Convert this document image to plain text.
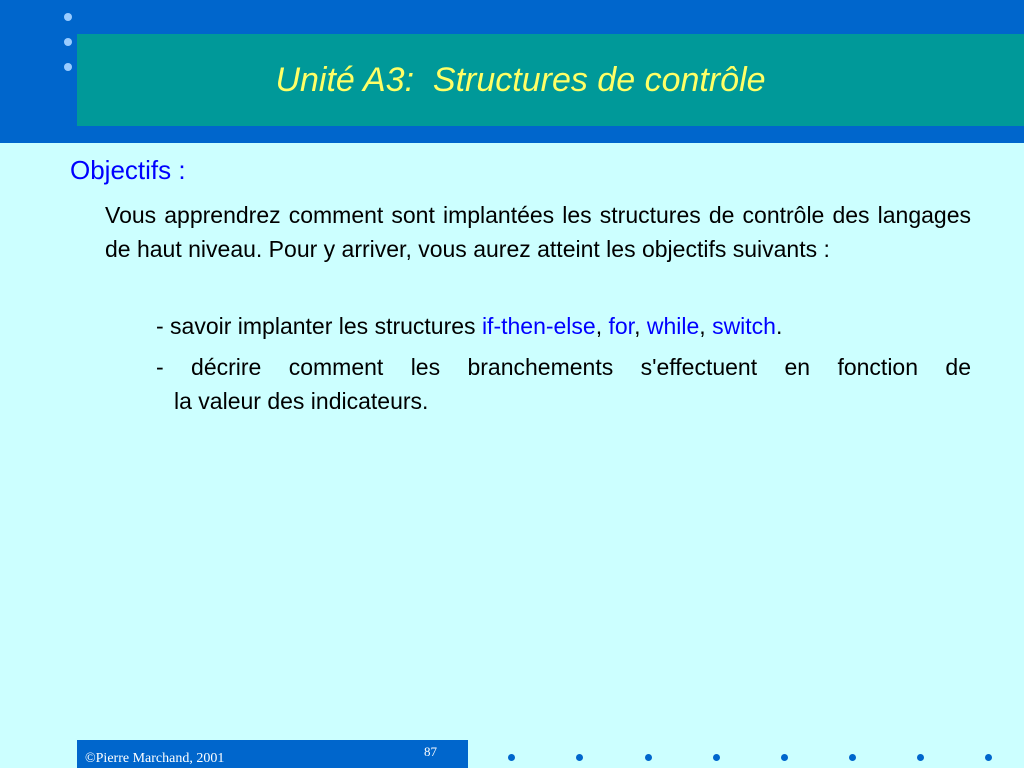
Unité A3:  Structures de contrôle
Objectifs :
Vous apprendrez comment sont implantées les structures de contrôle des langages de haut niveau. Pour y arriver, vous aurez atteint les objectifs suivants :
- savoir implanter les structures if-then-else, for, while, switch.
- décrire comment les branchements s'effectuent en fonction de
la valeur des indicateurs.
©Pierre Marchand, 2001	87
